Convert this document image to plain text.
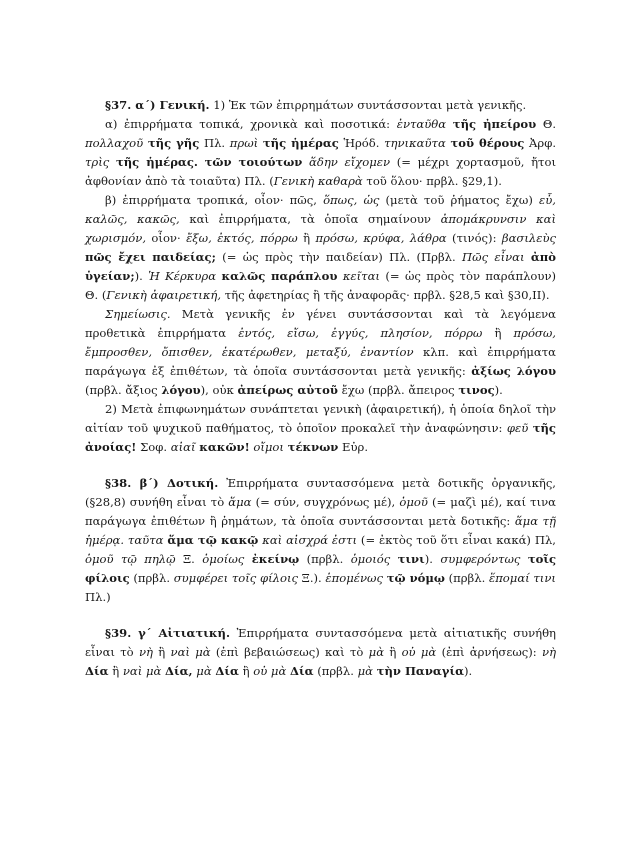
§37. α΄) Γενική. 1) Ἐκ τῶν ἐπιρρημάτων συντάσσονται μετὰ γενικῆς.

α) ἐπιρρήματα τοπικά, χρονικὰ καὶ ποσοτικά: ἐνταῦθα τῆς ἠπείρου Θ. πολλαχοῦ τῆς γῆς Πλ. πρωὶ τῆς ἡμέρας Ἡρόδ. τηνικαῦτα τοῦ θέρους Ἀρφ. τρὶς τῆς ἡμέρας. τῶν τοιούτων ἅδην εἴχομεν (= μέχρι χορτασμοῦ, ἤτοι ἀφθονίαν ἀπὸ τὰ τοιαῦτα) Πλ. (Γενικὴ καθαρὰ τοῦ ὅλου· πρβλ. §29,1).

β) ἐπιρρήματα τροπικά, οἷον· πῶς, ὅπως, ὡς (μετὰ τοῦ ῥήματος ἔχω) εὖ, καλῶς, κακῶς, καὶ ἐπιρρήματα, τὰ ὁποῖα σημαίνουν ἀπομάκρυνσιν καὶ χωρισμόν, οἷον· ἔξω, ἐκτός, πόρρω ἢ πρόσω, κρύφα, λάθρα (τινός): βασιλεὺς πῶς ἔχει παιδείας; (= ὡς πρὸς τὴν παιδείαν) Πλ. (Πρβλ. Πῶς εἶναι ἀπὸ ὑγείαν;). Ἡ Κέρκυρα καλῶς παράπλου κεῖται (= ὡς πρὸς τὸν παράπλουν) Θ. (Γενικὴ ἀφαιρετική, τῆς ἀφετηρίας ἢ τῆς ἀναφορᾶς· πρβλ. §28,5 καὶ §30,II).

Σημείωσις. Μετὰ γενικῆς ἐν γένει συντάσσονται καὶ τὰ λεγόμενα προθετικὰ ἐπιρρήματα ἐντός, εἴσω, ἐγγύς, πλησίον, πόρρω ἢ πρόσω, ἔμπροσθεν, ὄπισθεν, ἑκατέρωθεν, μεταξύ, ἐναντίον κλπ. καὶ ἐπιρρήματα παράγωγα ἐξ ἐπιθέτων, τὰ ὁποῖα συντάσσονται μετὰ γενικῆς: ἀξίως λόγου (πρβλ. ἄξιος λόγου), οὐκ ἀπείρως αὐτοῦ ἔχω (πρβλ. ἄπειρος τινος).

2) Μετὰ ἐπιφωνημάτων συνάπτεται γενικὴ (ἀφαιρετική), ἡ ὁποία δηλοῖ τὴν αἰτίαν τοῦ ψυχικοῦ παθήματος, τὸ ὁποῖον προκαλεῖ τὴν ἀναφώνησιν: φεῦ τῆς ἀνοίας! Σοφ. αἰαῖ κακῶν! οἴμοι τέκνων Εὐρ.

§38. β΄) Δοτική. Ἐπιρρήματα συντασσόμενα μετὰ δοτικῆς ὀργανικῆς, (§28,8) συνήθη εἶναι τὸ ἅμα (= σύν, συγχρόνως μέ), ὁμοῦ (= μαζὶ μέ), καί τινα παράγωγα ἐπιθέτων ἢ ῥημάτων, τὰ ὁποῖα συντάσσονται μετὰ δοτικῆς: ἅμα τῇ ἡμέρᾳ. ταῦτα ἅμα τῷ κακῷ καὶ αἰσχρά ἐστι (= ἐκτὸς τοῦ ὅτι εἶναι κακά) Πλ, ὁμοῦ τῷ πηλῷ Ξ. ὁμοίως ἐκείνῳ (πρβλ. ὁμοιός τινι). συμφερόντως τοῖς φίλοις (πρβλ. συμφέρει τοῖς φίλοις Ξ.). ἑπομένως τῷ νόμῳ (πρβλ. ἕπομαί τινι Πλ.)

§39. γ΄ Αἰτιατική. Ἐπιρρήματα συντασσόμενα μετὰ αἰτιατικῆς συνήθη εἶναι τὸ νὴ ἢ ναὶ μὰ (ἐπὶ βεβαιώσεως) καὶ τὸ μὰ ἢ οὐ μὰ (ἐπὶ ἀρνήσεως): νὴ Δία ἢ ναὶ μὰ Δία, μὰ Δία ἢ οὐ μὰ Δία (πρβλ. μὰ τὴν Παναγία).
